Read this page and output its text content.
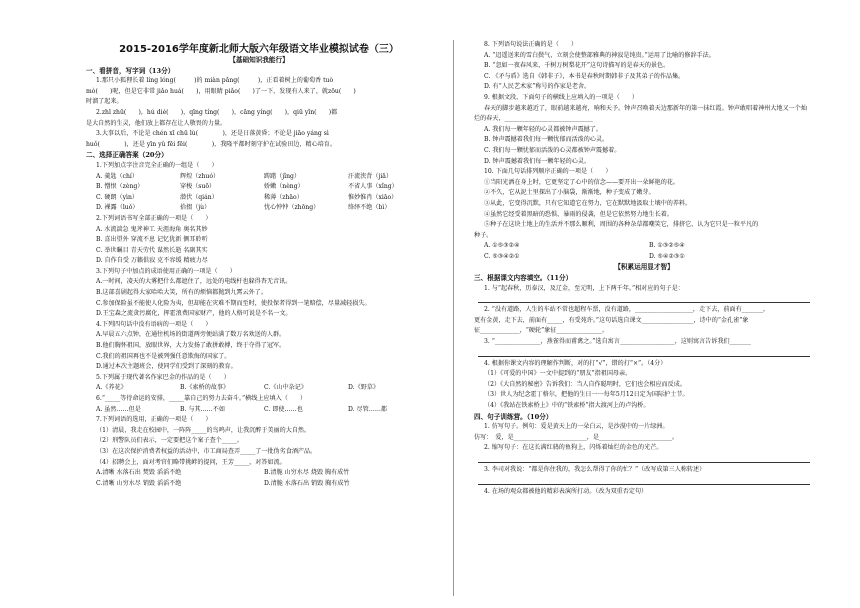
2015-2016学年度新北师大版六年级语文毕业模拟试卷（三）
【基础知识我能行】
一、看拼音，写字词（13分）
1.那只小狐狸长着 líng lóng(　　　)的 miàn pǎng(　　　)，正看着树上的葡萄香 tuò
mò(　　)呢，但是它非常 jiǎo huá(　　)，用眼睛 piǎo(　　)了一下，发现有人来了，就zōu(　　)
时溜了起来。
2.zhī zhū(　　)，hú dié(　　)，qīng tíng(　　)，cāng yíng(　　)，qiū yǐn(　　)都
是大自然的生灵，他们放上都存在让人敬畏的力量。
3.大事以后，不论是 chén xī chū lù(　　　　)，还是日落黄昏；不论是 jiāo yáng sì
huǒ(　　　　)，还是 yīn yǔ fēi fēi(　　　　)，我隆平都时刻守护在试验田边，精心培育。
二、选择正确答案（20分）
1.下列加点字注音完全正确的一组是（　　）
A. 羹匙（chí）	辉煌（zhuó）	踌躇（jǐng）	汗流浃背（jiā）
B. 憎恨（zèng）	穿梭（suō）	娇嫩（nèng）	不省人事（xǐng）
C. 硬朗（yìn）	潜伏（qián）	稀薄（zhāo）	惟妙惟肖（xiāo）
D. 裸露（luǒ）	拾掇（jù）	忧心忡忡（zhōng）	络绎不绝（bì）
2.下列词语书写全部正确的一项是（　　）
A. 水流湍急 鬼斧神工 天涯海角 奥名其妙
B. 喜出望外 穿流不息 记忆犹新 侧耳聆听
C. 举世瞩目 青天劳代 谋然长逝 名副其实
D. 自作自受 万籁俱寂 克不容缓 精疲力尽
3.下列句子中加点的成语使用正确的一项是（　　）
A.一时间，凌天的大雾把什么都遮住了，远处的电线杆也躲得杳无音讯。
B.这部喜剧起得大家哈哈大笑，所有的烦恼都抛到九霄云外了。
C.参加保险虽不能使人化险为夷，但却能在灾难不期而至时，使投保者得到一笔赔偿，尽量减轻损失。
D.王宝森之流贪污腐化，挥霍浪费国家财产，他的人格可说是不名一文。
4.下列四句话中没有语病的一项是（　　）
A.早晨五六点钟，在通往机场的街道两旁便站满了数万名欢送的人群。
B.他们胸怀祖国，放眼世界，大力发扬了敢拼敢搏，终于夺得了冠军。
C.我们的祖国再也不是被列强任意欺侮的国家了。
D.通过本次主题班会，使同学们受到了深刻的教育。
5.下列属于现代著名作家巴金的作品的是（　　）
A.《养花》	B.《索桥的故事》	C.《山中杂记》	D.《野草》
6.“_____等待命运的安排，_____靠自己的努力去奋斗。”横线上应填入（　　）
A. 虽然……但是	B. 与其……不如	C. 即使……也	D. 尽管……都
7.下列词语的选用，正确的一项是（　　）
（1）清晨，我走在校园中，一阵阵_____的鸟鸣声，让我沉醉于美丽的大自然。
（2）刑警队员们表示，一定要把这个案子查个_____。
（3）在这次保护消费者权益的活动中，市工商局查弄_____了一批伪劣食酒产品。
（4）招聘会上，面对考官们略带挑衅的提问，王芳_____，对答如流。
A.清晰 水落石出 焚毁 滔滔不绝	B.清脆 山穷水尽 烧毁 胸有成竹
C.清晰 山穷水尽 销毁 滔滔不绝	D.清脆 水落石出 销毁 胸有成竹
8. 下列语句说法正确的是（　　）
A. “迢遥送来的雪白鬓气，立刻会使整部雅典的神寂是纯贵。”运用了比喻的修辞手法。
B. “忽如一夜春风来，千树万树梨花开”这句诗描写的是春天的景色。
C. 《矛与盾》选自《韩非子》，本书是春秋时期韩非子及其弟子的作品集。
D. 有“人民艺术家”称号的作家是老舍。
9. 根据文段，下面句子的横线上应填入的一项是（　　）
春天的脚步越来越近了，眼前越来越亮，响和天予。钟声召唤着天边那新年的第一抹红霞。钟声敢唱着神州大地又一个灿
烂的春天，_____________________________
A. 我们每一颗年轻的心灵都被钟声震撼了。
B. 钟声震撼着我们每一颗忧郁而活泼的心灵。
C. 我们每一颗忧郁而活泼的心灵都被钟声震撼着。
D. 钟声震撼着我们每一颗年轻的心灵。
10. 下面几句话排列顺序正确的一项是（　　）
①当阳光洒在身上时，它更坚定了心中的信念——要开出一朵鲜艳的花。
②不久，它从泥土里探出了小脑袋，渐渐地，种子变成了嫩芽。
③从此，它变得沉默，只有它知道它在努力，它在默默地汲取土壤中的养料。
④虽然它经受着黑暗的恐惧，暴雨的侵袭，但是它依然努力地生长着。
⑤种子在这块土地上的生活并不那么顺利，周围的各种杂草都嘲笑它，排挤它，认为它只是一粒平凡的
种子。
A. ①⑤③②④	B. ①③②⑤④
C. ⑤③④②①	D. ⑤④②③①
【积累运用显才智】
三、根据课文内容填空。（11分）
1. 与“起春秋，历泰汉，及辽金，至元明，上下两千年。”相对应的句子是：
2. “没有道路，人生的车站不常也超程车票，没有道路，___________________，走下去，前面有_______，
更有金黄，走下去，前面有_____，有受苑许。”这句话选自课文_________________，诗中的“金孔雀”象
征_____________，“硬轮”象征_______________。
3. “_______________，燕雀得而甫禽之。”选自寓言__________________，这则寓言告诉我们_______
4. 根据你课文内容的理解作判断，对的打“√”，错的打“×”。（4分）
（1）《可爱的中国》一文中提到的“朋友”指祖国母亲。
（2）《大自然的秘密》告诉我们：当人自作聪明时，它们也会相应而反成。
（3）世人为纪念霍丁格尔，把他的生日一一每年5月12日定为国际护士节。
（4）《我站在铁索桥上》中的“铁索桥”指大渡河上的卢沟桥。
四、句子训练营。（10分）
1. 仿写句子。例句：爱是黄天上的一朵白云，是沙漠中的一片绿洲。
仿写：　爱，是________________________，是________________________。
2. 缩写句子：在这长满红鸫的鱼狗上，闪烁着灿烂的金色的光芒。
3. 李司对我说：“都是你住我的，我怎么帮得了你的忙？”（改写成第三人称转述）
4. 在场的观众都被他的精彩表演所打动。（改为双重否定句）
